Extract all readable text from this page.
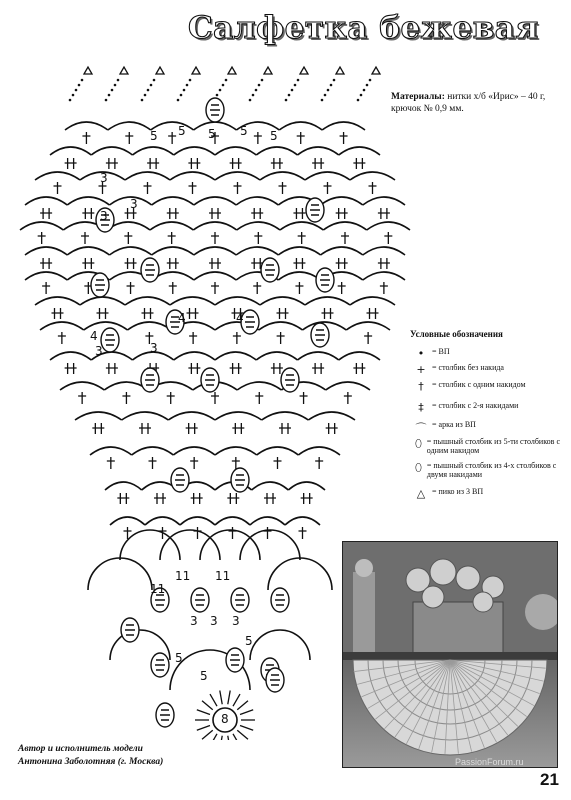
Салфетка бежевая
Материалы: нитки х/б «Ирис» – 40 г, крючок № 0,9 мм.
5 5 5 5
5
3
3
3
3	3
4
4
4
11 11
11
3 3 3
5
5
5
8
Условные обозначения
• = ВП
+ = столбик без накида
†	= столбик с одним накидом
‡	= столбик с 2-я накидами
⌒ = арка из ВП
⬯ = пышный столбик из 5-ти столбиков с одним накидом
⬯ = пышный столбик из 4-х столбиков с двумя накидами
△ = пико из 3 ВП
Автор и исполнитель модели
Антонина Заболотняя (г. Москва)	PassionForum.ru
21
